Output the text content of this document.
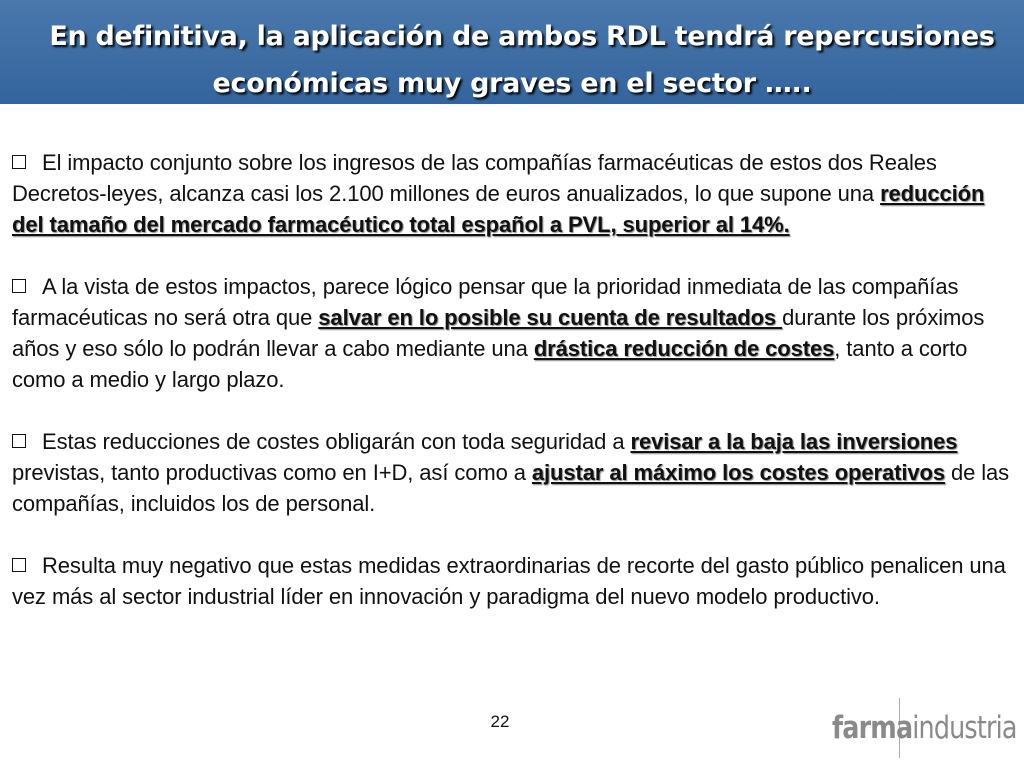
En definitiva, la aplicación de ambos RDL tendrá repercusiones
económicas muy graves en el sector …..

El impacto conjunto sobre los ingresos de las compañías farmacéuticas de estos dos Reales Decretos-leyes, alcanza casi los 2.100 millones de euros anualizados, lo que supone una reducción del tamaño del mercado farmacéutico total español a PVL, superior al 14%.

A la vista de estos impactos, parece lógico pensar que la prioridad inmediata de las compañías farmacéuticas no será otra que salvar en lo posible su cuenta de resultados durante los próximos años y eso sólo lo podrán llevar a cabo mediante una drástica reducción de costes, tanto a corto como a medio y largo plazo.

Estas reducciones de costes obligarán con toda seguridad a revisar a la baja las inversiones previstas, tanto productivas como en I+D, así como a ajustar al máximo los costes operativos de las compañías, incluidos los de personal.

Resulta muy negativo que estas medidas extraordinarias de recorte del gasto público penalicen una vez más al sector industrial líder en innovación y paradigma del nuevo modelo productivo.

22	farmaindustria
